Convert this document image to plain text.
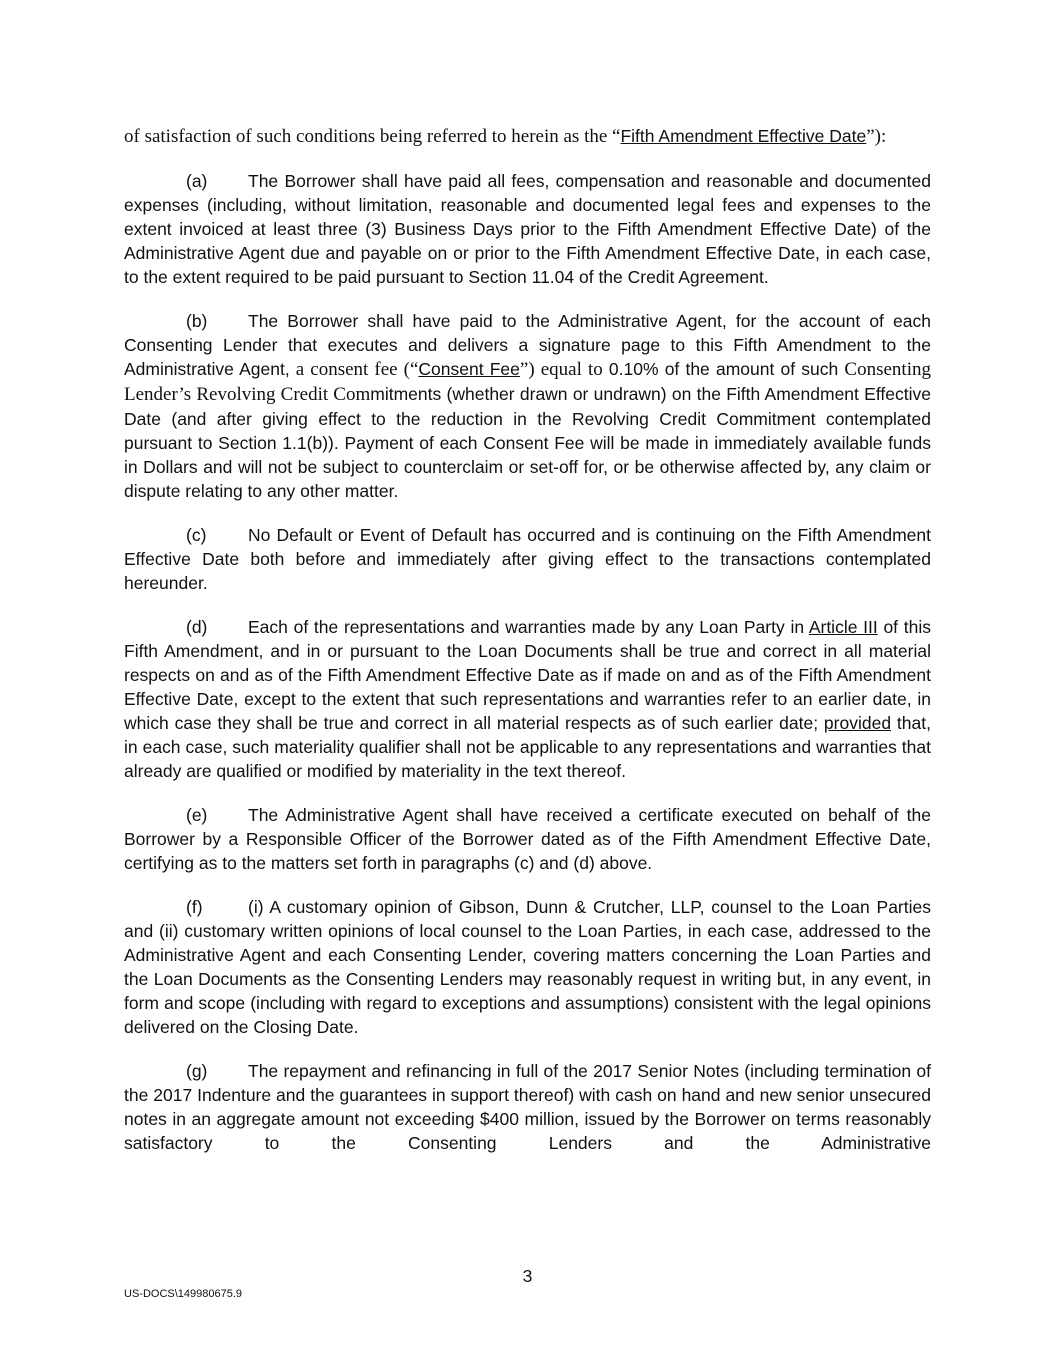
of satisfaction of such conditions being referred to herein as the “Fifth Amendment Effective Date”):

(a) The Borrower shall have paid all fees, compensation and reasonable and documented expenses (including, without limitation, reasonable and documented legal fees and expenses to the extent invoiced at least three (3) Business Days prior to the Fifth Amendment Effective Date) of the Administrative Agent due and payable on or prior to the Fifth Amendment Effective Date, in each case, to the extent required to be paid pursuant to Section 11.04 of the Credit Agreement.

(b) The Borrower shall have paid to the Administrative Agent, for the account of each Consenting Lender that executes and delivers a signature page to this Fifth Amendment to the Administrative Agent, a consent fee (“Consent Fee”) equal to 0.10% of the amount of such Consenting Lender’s Revolving Credit Commitments (whether drawn or undrawn) on the Fifth Amendment Effective Date (and after giving effect to the reduction in the Revolving Credit Commitment contemplated pursuant to Section 1.1(b)). Payment of each Consent Fee will be made in immediately available funds in Dollars and will not be subject to counterclaim or set-off for, or be otherwise affected by, any claim or dispute relating to any other matter.

(c) No Default or Event of Default has occurred and is continuing on the Fifth Amendment Effective Date both before and immediately after giving effect to the transactions contemplated hereunder.

(d) Each of the representations and warranties made by any Loan Party in Article III of this Fifth Amendment, and in or pursuant to the Loan Documents shall be true and correct in all material respects on and as of the Fifth Amendment Effective Date as if made on and as of the Fifth Amendment Effective Date, except to the extent that such representations and warranties refer to an earlier date, in which case they shall be true and correct in all material respects as of such earlier date; provided that, in each case, such materiality qualifier shall not be applicable to any representations and warranties that already are qualified or modified by materiality in the text thereof.

(e) The Administrative Agent shall have received a certificate executed on behalf of the Borrower by a Responsible Officer of the Borrower dated as of the Fifth Amendment Effective Date, certifying as to the matters set forth in paragraphs (c) and (d) above.

(f)	(i) A customary opinion of Gibson, Dunn & Crutcher, LLP, counsel to the Loan Parties and (ii) customary written opinions of local counsel to the Loan Parties, in each case, addressed to the Administrative Agent and each Consenting Lender, covering matters concerning the Loan Parties and the Loan Documents as the Consenting Lenders may reasonably request in writing but, in any event, in form and scope (including with regard to exceptions and assumptions) consistent with the legal opinions delivered on the Closing Date.

(g) The repayment and refinancing in full of the 2017 Senior Notes (including termination of the 2017 Indenture and the guarantees in support thereof) with cash on hand and new senior unsecured notes in an aggregate amount not exceeding $400 million, issued by the Borrower on terms reasonably satisfactory to the Consenting Lenders and the Administrative

3
US-DOCS\149980675.9
